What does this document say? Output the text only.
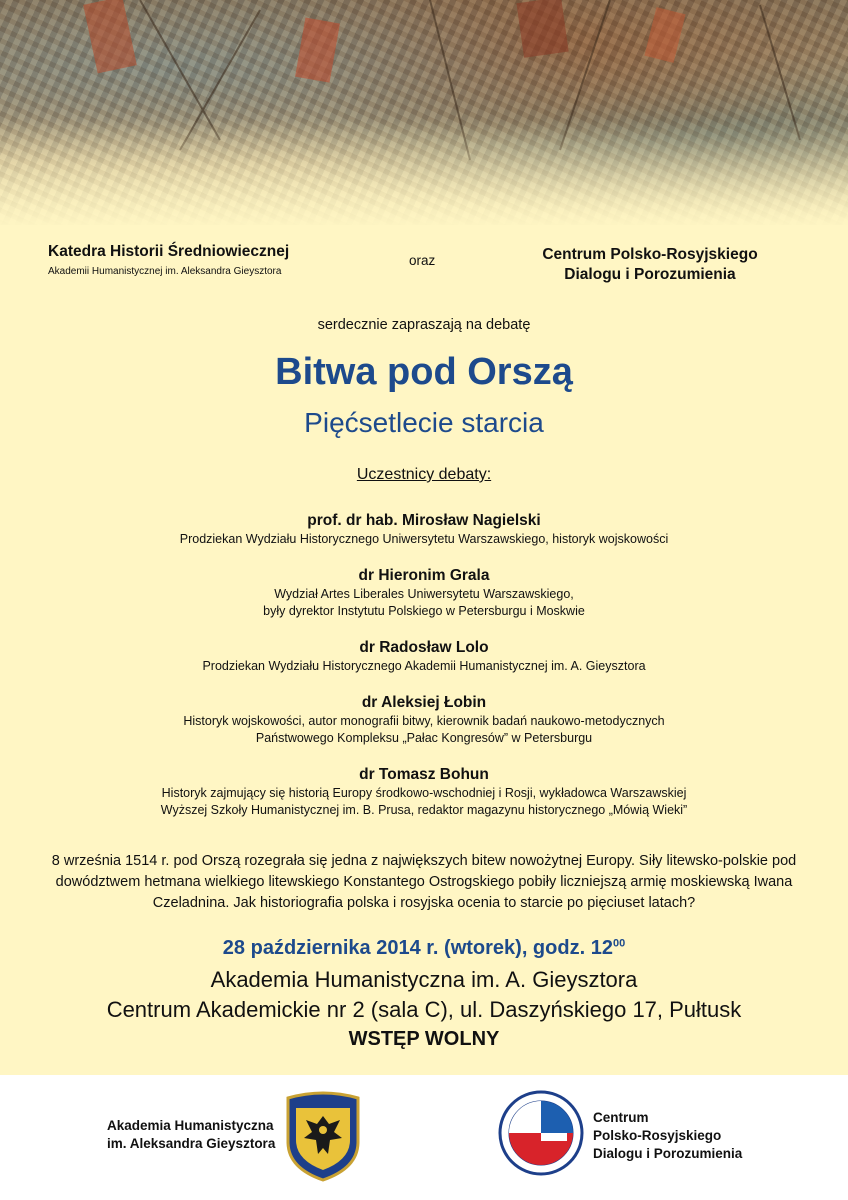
Katedra Historii Średniowiecznej
Akademii Humanistycznej im. Aleksandra Gieysztora
oraz	Centrum Polsko-Rosyjskiego
Dialogu i Porozumienia
serdecznie zapraszają na debatę
Bitwa pod Orszą
Pięćsetlecie starcia
Uczestnicy debaty:
prof. dr hab. Mirosław Nagielski
Prodziekan Wydziału Historycznego Uniwersytetu Warszawskiego, historyk wojskowości
dr Hieronim Grala
Wydział Artes Liberales Uniwersytetu Warszawskiego,
były dyrektor Instytutu Polskiego w Petersburgu i Moskwie
dr Radosław Lolo
Prodziekan Wydziału Historycznego Akademii Humanistycznej im. A. Gieysztora
dr Aleksiej Łobin
Historyk wojskowości, autor monografii bitwy, kierownik badań naukowo-metodycznych
Państwowego Kompleksu „Pałac Kongresów” w Petersburgu
dr Tomasz Bohun
Historyk zajmujący się historią Europy środkowo-wschodniej i Rosji, wykładowca Warszawskiej
Wyższej Szkoły Humanistycznej im. B. Prusa, redaktor magazynu historycznego „Mówią Wieki”
8 września 1514 r. pod Orszą rozegrała się jedna z największych bitew nowożytnej Europy. Siły litewsko-polskie pod dowództwem hetmana wielkiego litewskiego Konstantego Ostrogskiego pobiły liczniejszą armię moskiewską Iwana Czeladnina. Jak historiografia polska i rosyjska ocenia to starcie po pięciuset latach?
28 października 2014 r. (wtorek), godz. $12^{00}$
Akademia Humanistyczna im. A. Gieysztora
Centrum Akademickie nr 2 (sala C), ul. Daszyńskiego 17, Pułtusk
WSTĘP WOLNY
Akademia Humanistyczna
im. Aleksandra Gieysztora
Centrum
Polsko-Rosyjskiego
Dialogu i Porozumienia
